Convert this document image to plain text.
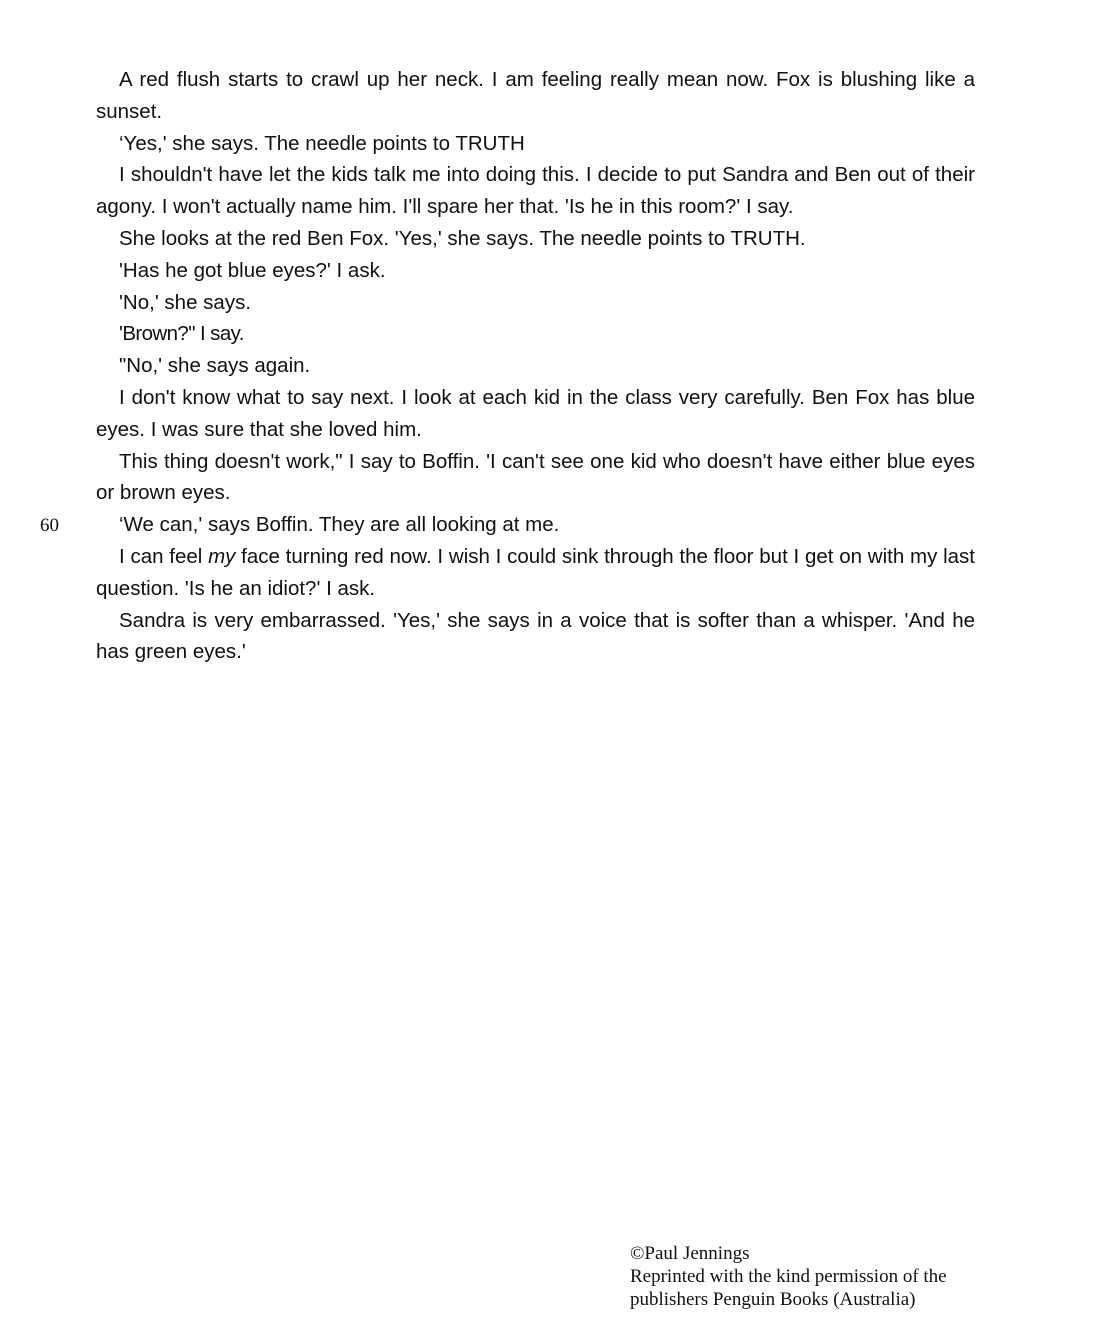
A red flush starts to crawl up her neck. I am feeling really mean now. Fox is blushing like a sunset.

‘Yes,' she says. The needle points to TRUTH

I shouldn't have let the kids talk me into doing this. I decide to put Sandra and Ben out of their agony. I won't actually name him. I'll spare her that. 'Is he in this room?' I say.

She looks at the red Ben Fox. 'Yes,' she says. The needle points to TRUTH.

'Has he got blue eyes?' I ask.

'No,' she says.

'Brown?" I say.

"No,' she says again.

I don't know what to say next. I look at each kid in the class very carefully. Ben Fox has blue eyes. I was sure that she loved him.

This thing doesn't work," I say to Boffin. 'I can't see one kid who doesn't have either blue eyes or brown eyes.

‘We can,' says Boffin. They are all looking at me.

I can feel my face turning red now. I wish I could sink through the floor but I get on with my last question. 'Is he an idiot?' I ask.

Sandra is very embarrassed. 'Yes,' she says in a voice that is softer than a whisper. 'And he has green eyes.'

60
©Paul Jennings
Reprinted with the kind permission of the
publishers Penguin Books (Australia)
